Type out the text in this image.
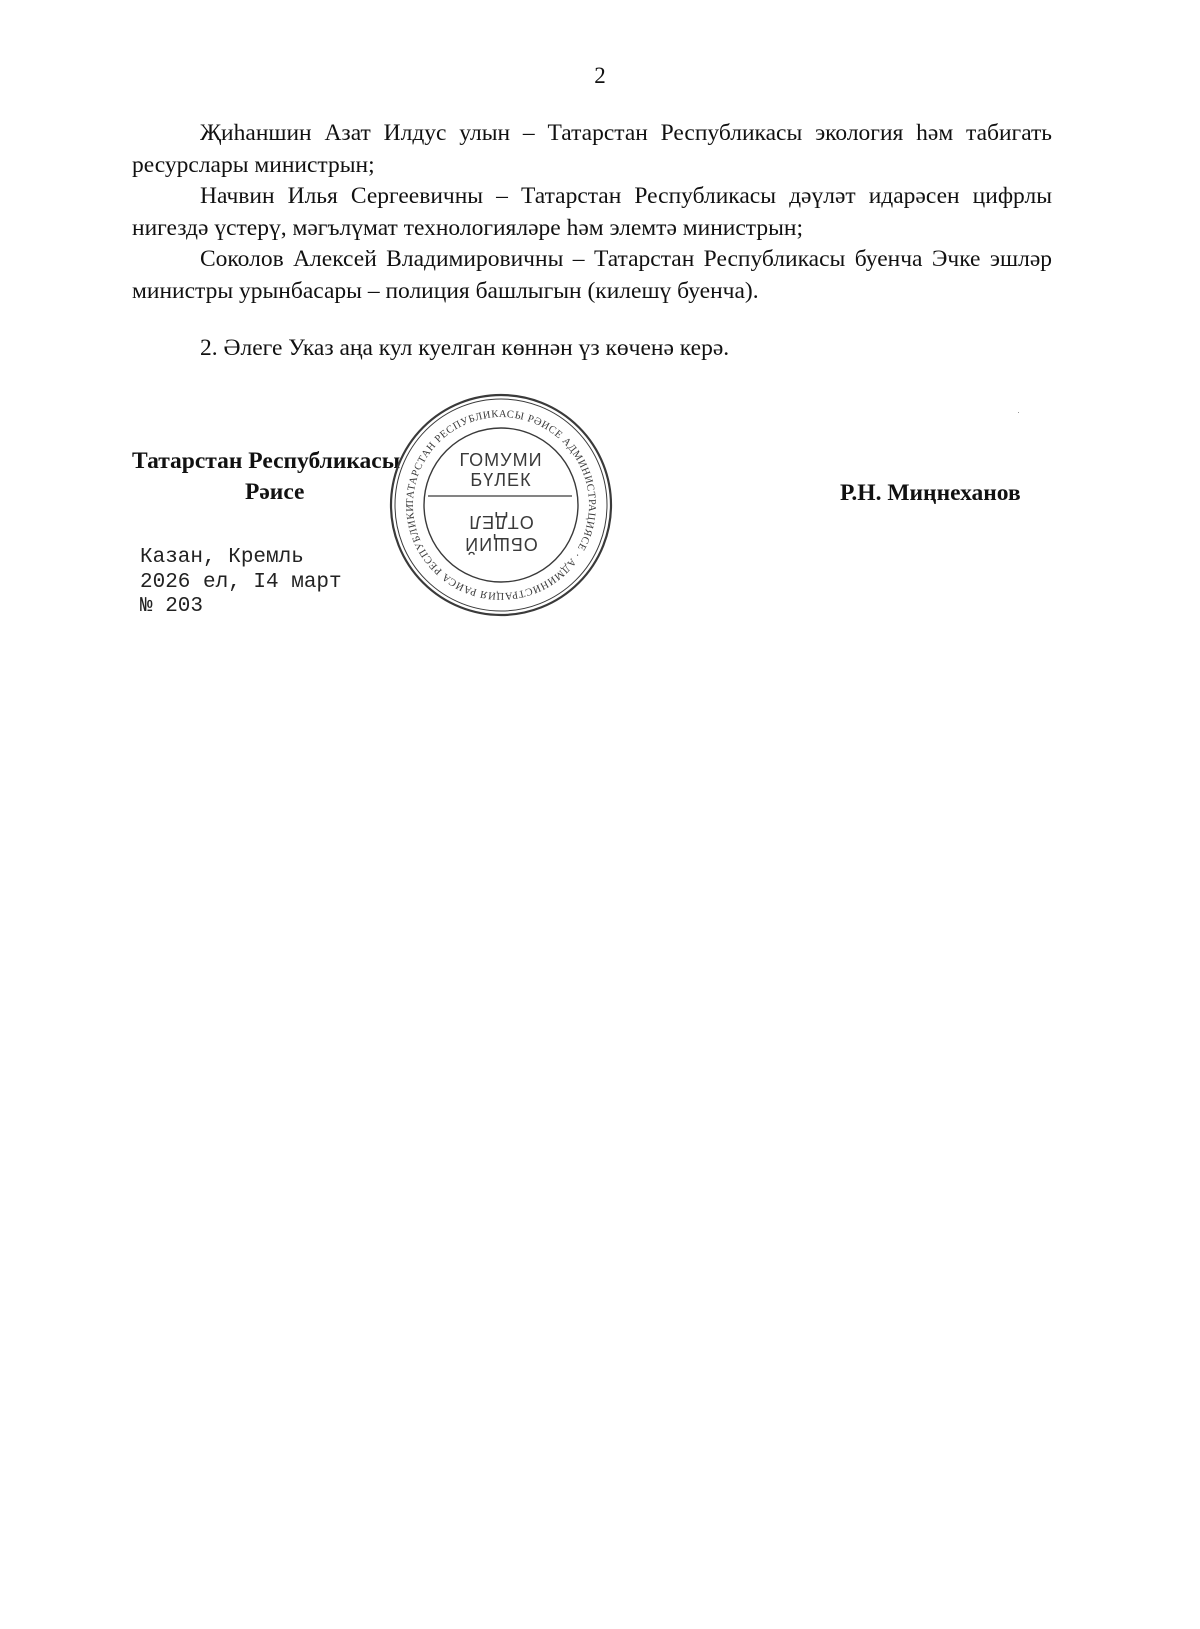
2

Җиһаншин Азат Илдус улын – Татарстан Республикасы экология һәм табигать ресурслары министрын;

Начвин Илья Сергеевичны – Татарстан Республикасы дәүләт идарәсен цифрлы нигездә үстерү, мәгълүмат технологияләре һәм элемтә министрын;

Соколов Алексей Владимировичны – Татарстан Республикасы буенча Эчке эшләр министры урынбасары – полиция башлыгын (килешү буенча).

2. Әлеге Указ аңа кул куелган көннән үз көченә керә.

Татарстан Республикасы
Рәисе	Р.Н. Миңнеханов
Казан, Кремль
2026 ел, I4 март
№ 203
ТАТАРСТАН РЕСПУБЛИКАСЫ РӘИСЕ АДМИНИСТРАЦИЯСЕ · АДМИНИСТРАЦИЯ РАИСА РЕСПУБЛИКИ
ГОМУМИ
БҮЛЕК
ОТДЕЛ
ОБЩИЙ
